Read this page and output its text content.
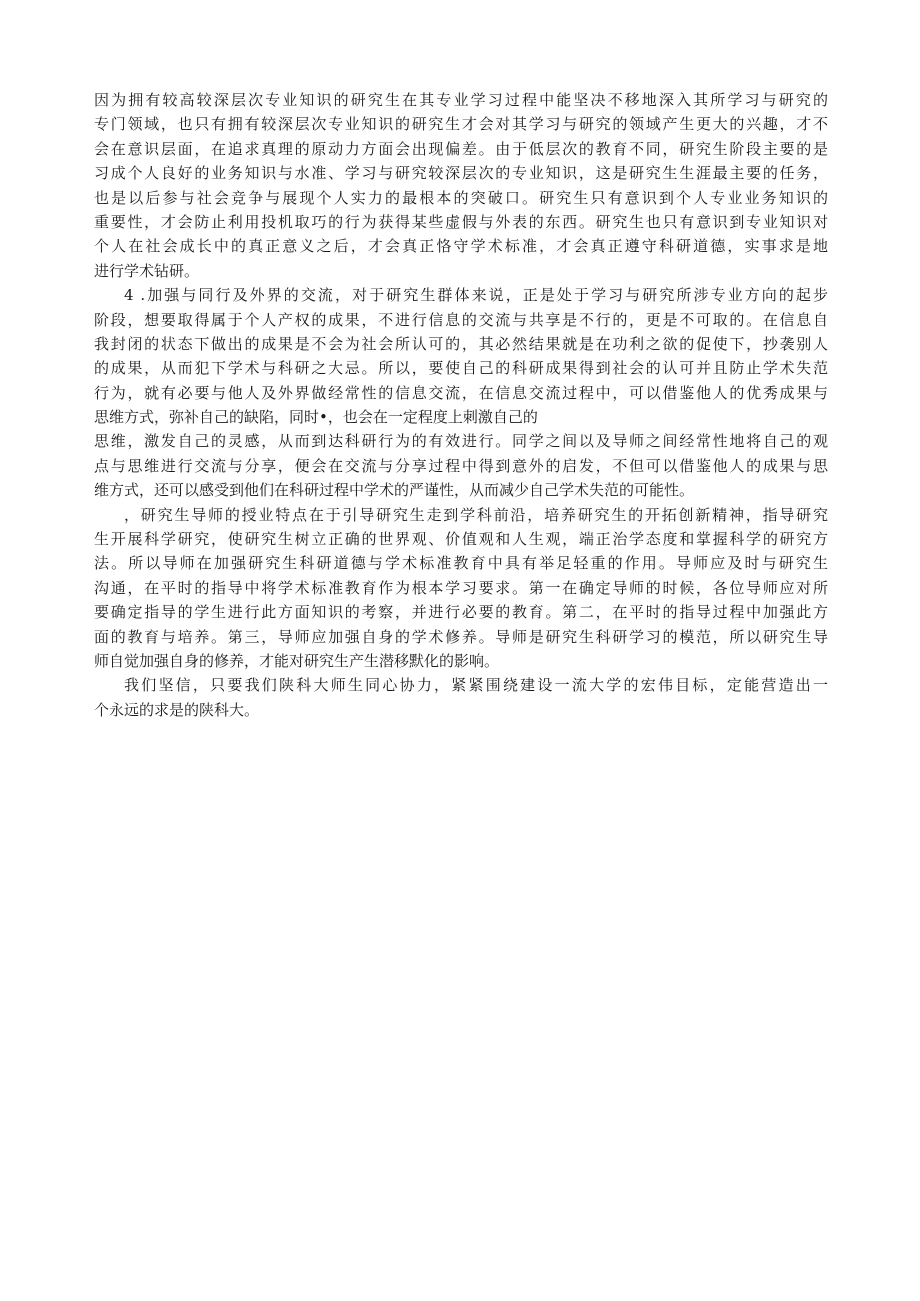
因为拥有较高较深层次专业知识的研究生在其专业学习过程中能坚决不移地深入其所学习与研究的
专门领域，也只有拥有较深层次专业知识的研究生才会对其学习与研究的领域产生更大的兴趣，才不
会在意识层面，在追求真理的原动力方面会出现偏差。由于低层次的教育不同，研究生阶段主要的是
习成个人良好的业务知识与水准、学习与研究较深层次的专业知识，这是研究生生涯最主要的任务，
也是以后参与社会竞争与展现个人实力的最根本的突破口。研究生只有意识到个人专业业务知识的
重要性，才会防止利用投机取巧的行为获得某些虚假与外表的东西。研究生也只有意识到专业知识对
个人在社会成长中的真正意义之后，才会真正恪守学术标准，才会真正遵守科研道德，实事求是地
进行学术钻研。
4 .加强与同行及外界的交流，对于研究生群体来说，正是处于学习与研究所涉专业方向的起步
阶段，想要取得属于个人产权的成果，不进行信息的交流与共享是不行的，更是不可取的。在信息自
我封闭的状态下做出的成果是不会为社会所认可的，其必然结果就是在功利之欲的促使下，抄袭别人
的成果，从而犯下学术与科研之大忌。所以，要使自己的科研成果得到社会的认可并且防止学术失范
行为，就有必要与他人及外界做经常性的信息交流，在信息交流过程中，可以借鉴他人的优秀成果与
思维方式，弥补自己的缺陷，同时•，也会在一定程度上刺激自己的
思维，激发自己的灵感，从而到达科研行为的有效进行。同学之间以及导师之间经常性地将自己的观
点与思维进行交流与分享，便会在交流与分享过程中得到意外的启发，不但可以借鉴他人的成果与思
维方式，还可以感受到他们在科研过程中学术的严谨性，从而减少自己学术失范的可能性。
，研究生导师的授业特点在于引导研究生走到学科前沿，培养研究生的开拓创新精神，指导研究
生开展科学研究，使研究生树立正确的世界观、价值观和人生观，端正治学态度和掌握科学的研究方
法。所以导师在加强研究生科研道德与学术标准教育中具有举足轻重的作用。导师应及时与研究生
沟通，在平时的指导中将学术标准教育作为根本学习要求。第一在确定导师的时候，各位导师应对所
要确定指导的学生进行此方面知识的考察，并进行必要的教育。第二，在平时的指导过程中加强此方
面的教育与培养。第三，导师应加强自身的学术修养。导师是研究生科研学习的模范，所以研究生导
师自觉加强自身的修养，才能对研究生产生潜移默化的影响。
我们坚信，只要我们陕科大师生同心协力，紧紧围绕建设一流大学的宏伟目标，定能营造出一
个永远的求是的陕科大。
